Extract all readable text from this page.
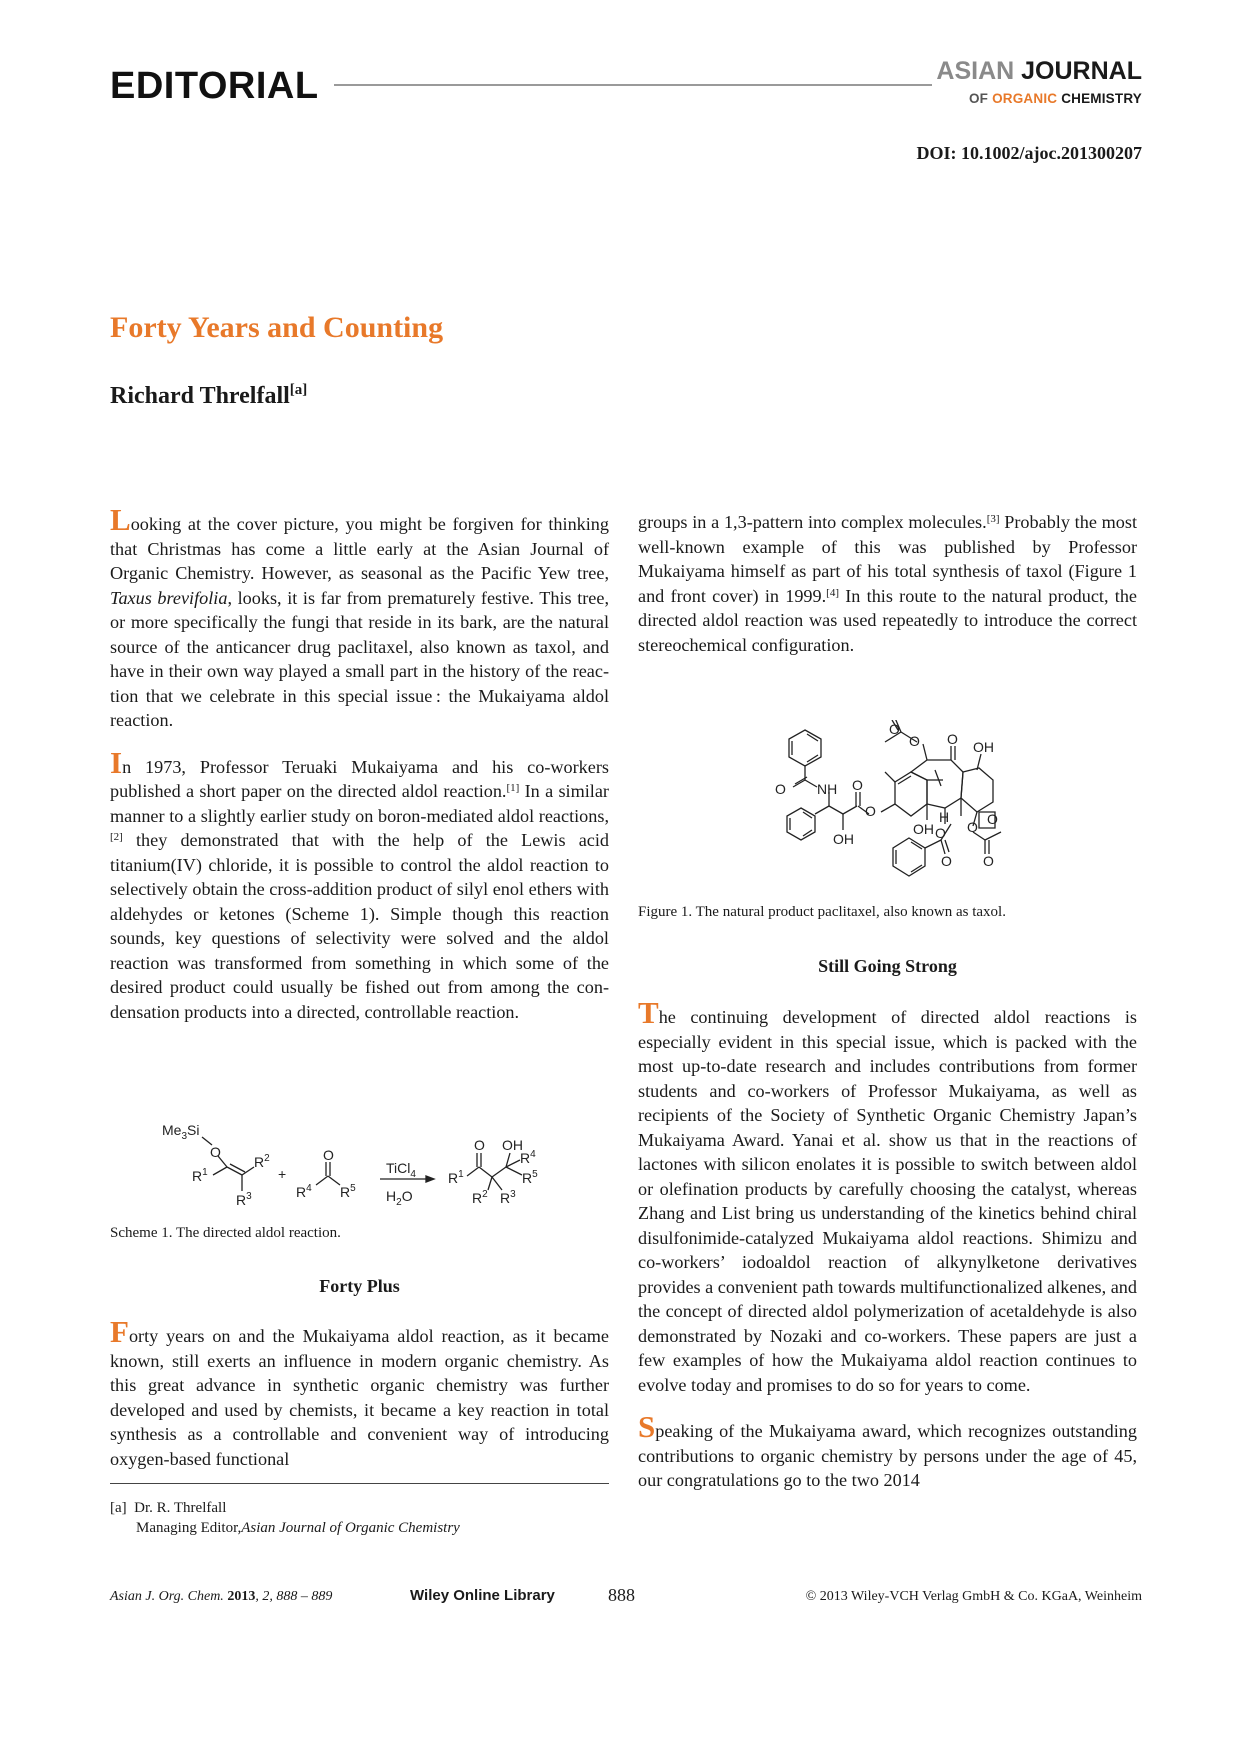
EDITORIAL	ASIAN JOURNAL
OF ORGANIC CHEMISTRY
DOI: 10.1002/ajoc.201300207
Forty Years and Counting
Richard Threlfall[a]

Looking at the cover picture, you might be forgiven for thinking that Christmas has come a little early at the Asian Journal of Organic Chemistry. However, as seasonal as the Pacific Yew tree, Taxus brevifolia, looks, it is far from prematurely festive. This tree, or more specifically the fungi that reside in its bark, are the natural source of the anticancer drug paclitaxel, also known as taxol, and have in their own way played a small part in the history of the reaction that we celebrate in this special issue : the Mukaiyama aldol reaction.

In 1973, Professor Teruaki Mukaiyama and his co-workers published a short paper on the directed aldol reaction.[1] In a similar manner to a slightly earlier study on boron-mediated aldol reactions,[2] they demonstrated that with the help of the Lewis acid titanium(IV) chloride, it is possible to control the aldol reaction to selectively obtain the cross-addition product of silyl enol ethers with aldehydes or ketones (Scheme 1). Simple though this reaction sounds, key questions of selectivity were solved and the aldol reaction was transformed from something in which some of the desired product could usually be fished out from among the condensation products into a directed, controllable reaction.

$Me_3Si$
O
$R^1$
$R^2$
$R^3$
+
O
$R^4$ $R^5$
TiCl$_4$
$H_2O$
O
$R^1$
OH
$R^4$
$R^5$
$R^2$ $R^3$
Scheme 1. The directed aldol reaction.
Forty Plus

Forty years on and the Mukaiyama aldol reaction, as it became known, still exerts an influence in modern organic chemistry. As this great advance in synthetic organic chemistry was further developed and used by chemists, it became a key reaction in total synthesis as a controllable and convenient way of introducing oxygen-based functional

[a] Dr. R. Threlfall
Managing Editor,Asian Journal of Organic Chemistry

groups in a 1,3-pattern into complex molecules.[3] Probably the most well-known example of this was published by Professor Mukaiyama himself as part of his total synthesis of taxol (Figure 1 and front cover) in 1999.[4] In this route to the natural product, the directed aldol reaction was used repeatedly to introduce the correct stereochemical configuration.

O NH O
O
OH
O
O O OH
O
OH
H
O O
O O
Figure 1. The natural product paclitaxel, also known as taxol.
Still Going Strong

The continuing development of directed aldol reactions is especially evident in this special issue, which is packed with the most up-to-date research and includes contributions from former students and co-workers of Professor Mukaiyama, as well as recipients of the Society of Synthetic Organic Chemistry Japan’s Mukaiyama Award. Yanai et al. show us that in the reactions of lactones with silicon enolates it is possible to switch between aldol or olefination products by carefully choosing the catalyst, whereas Zhang and List bring us understanding of the kinetics behind chiral disulfonimide-catalyzed Mukaiyama aldol reactions. Shimizu and co-workers’ iodoaldol reaction of alkynylketone derivatives provides a convenient path towards multifunctionalized alkenes, and the concept of directed aldol polymerization of acetaldehyde is also demonstrated by Nozaki and co-workers. These papers are just a few examples of how the Mukaiyama aldol reaction continues to evolve today and promises to do so for years to come.

Speaking of the Mukaiyama award, which recognizes outstanding contributions to organic chemistry by persons under the age of 45, our congratulations go to the two 2014

Asian J. Org. Chem. 2013, 2, 888 – 889	Wiley Online Library	888	© 2013 Wiley-VCH Verlag GmbH & Co. KGaA, Weinheim
